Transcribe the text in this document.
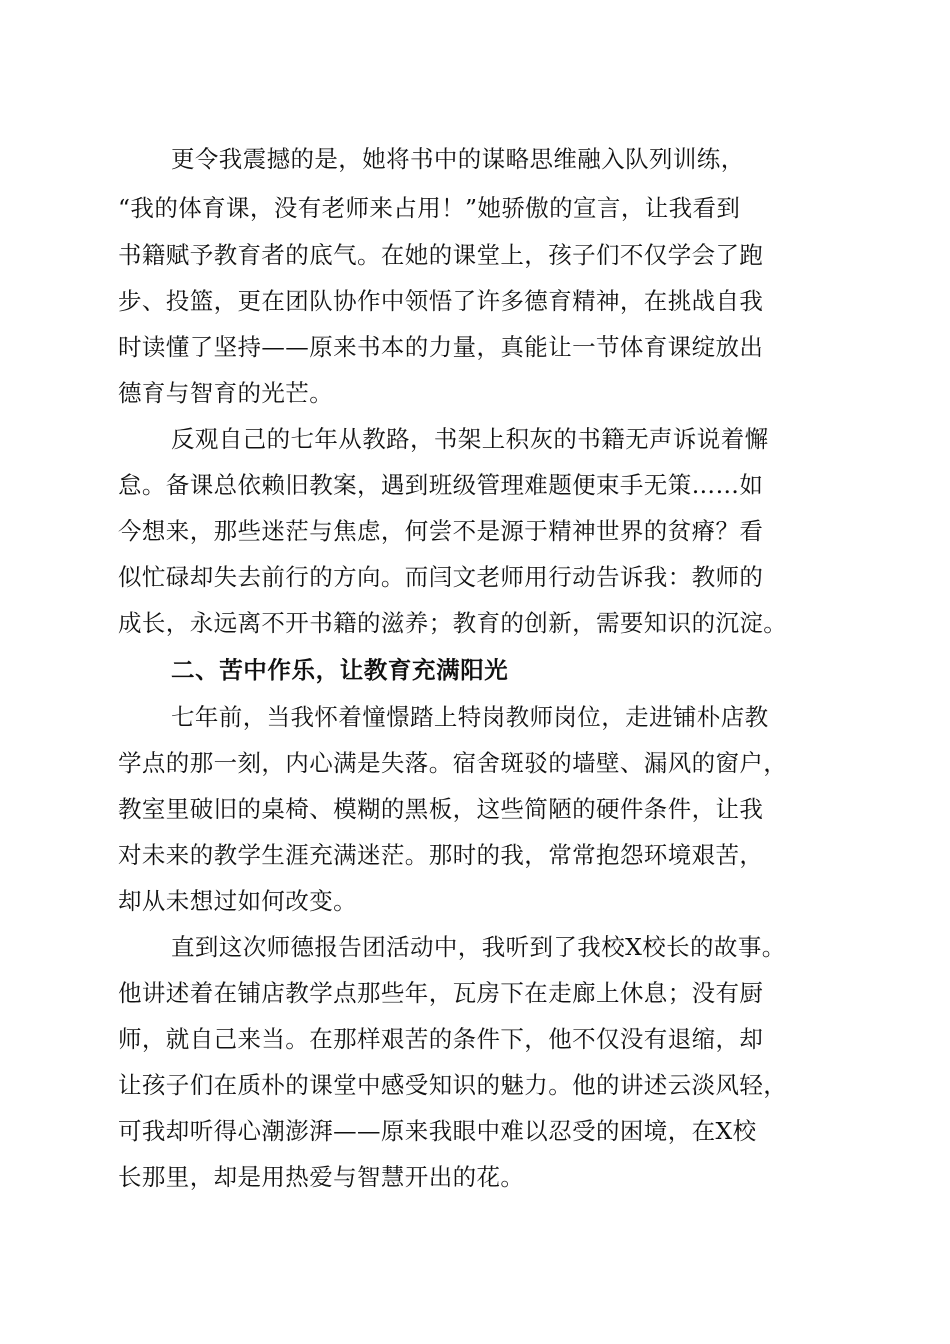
更令我震撼的是，她将书中的谋略思维融入队列训练，
“我的体育课，没有老师来占用！”她骄傲的宣言，让我看到
书籍赋予教育者的底气。在她的课堂上，孩子们不仅学会了跑
步、投篮，更在团队协作中领悟了许多德育精神，在挑战自我
时读懂了坚持——原来书本的力量，真能让一节体育课绽放出
德育与智育的光芒。
反观自己的七年从教路，书架上积灰的书籍无声诉说着懈
怠。备课总依赖旧教案，遇到班级管理难题便束手无策……如
今想来，那些迷茫与焦虑，何尝不是源于精神世界的贫瘠？看
似忙碌却失去前行的方向。而闫文老师用行动告诉我：教师的
成长，永远离不开书籍的滋养；教育的创新，需要知识的沉淀。
二、苦中作乐，让教育充满阳光
七年前，当我怀着憧憬踏上特岗教师岗位，走进铺朴店教
学点的那一刻，内心满是失落。宿舍斑驳的墙壁、漏风的窗户，
教室里破旧的桌椅、模糊的黑板，这些简陋的硬件条件，让我
对未来的教学生涯充满迷茫。那时的我，常常抱怨环境艰苦，
却从未想过如何改变。
直到这次师德报告团活动中，我听到了我校X校长的故事。
他讲述着在铺店教学点那些年，瓦房下在走廊上休息；没有厨
师，就自己来当。在那样艰苦的条件下，他不仅没有退缩，却
让孩子们在质朴的课堂中感受知识的魅力。他的讲述云淡风轻，
可我却听得心潮澎湃——原来我眼中难以忍受的困境，在X校
长那里，却是用热爱与智慧开出的花。
